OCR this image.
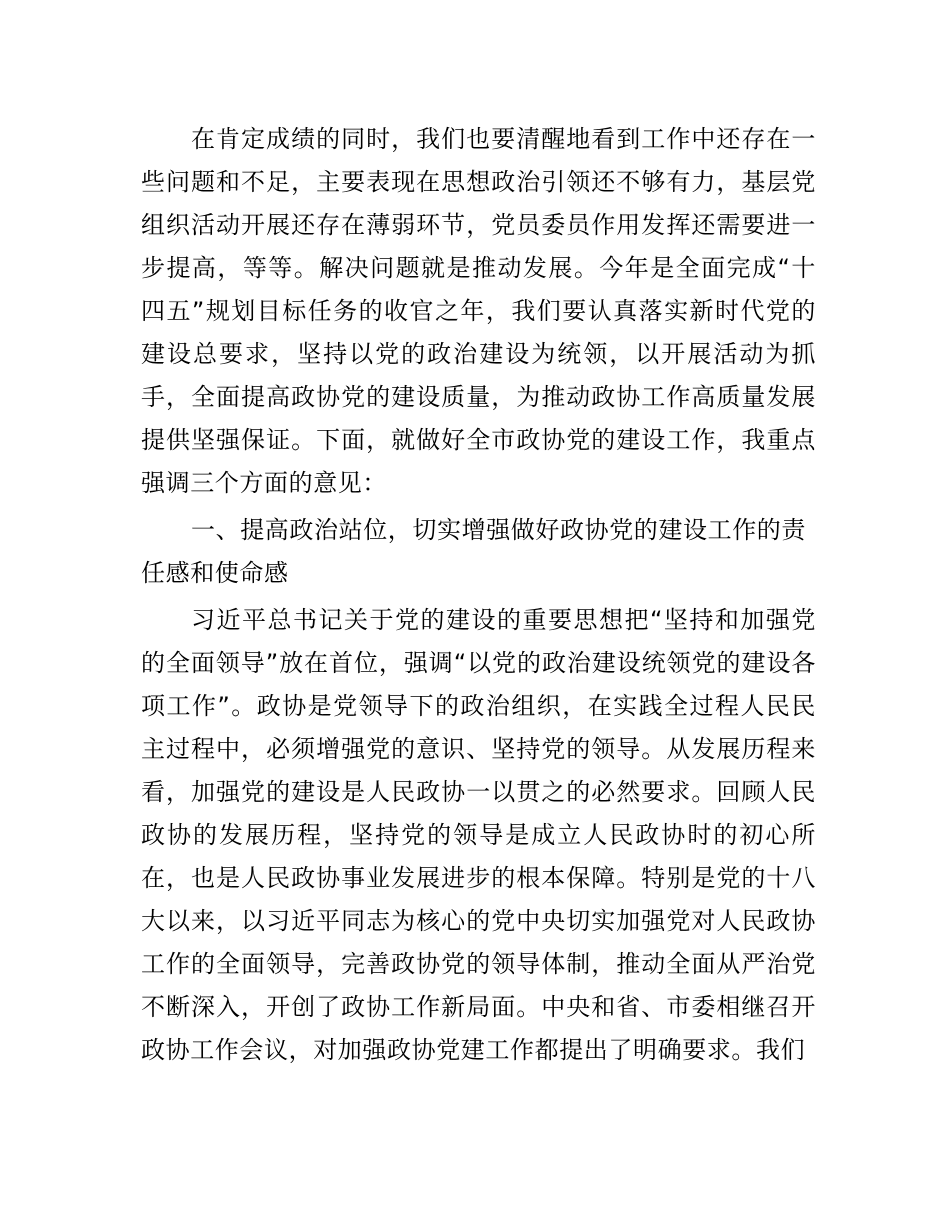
在肯定成绩的同时，我们也要清醒地看到工作中还存在一些问题和不足，主要表现在思想政治引领还不够有力，基层党组织活动开展还存在薄弱环节，党员委员作用发挥还需要进一步提高，等等。解决问题就是推动发展。今年是全面完成“十四五”规划目标任务的收官之年，我们要认真落实新时代党的建设总要求，坚持以党的政治建设为统领，以开展活动为抓手，全面提高政协党的建设质量，为推动政协工作高质量发展提供坚强保证。下面，就做好全市政协党的建设工作，我重点强调三个方面的意见：

一、提高政治站位，切实增强做好政协党的建设工作的责任感和使命感

习近平总书记关于党的建设的重要思想把“坚持和加强党的全面领导”放在首位，强调“以党的政治建设统领党的建设各项工作”。政协是党领导下的政治组织，在实践全过程人民民主过程中，必须增强党的意识、坚持党的领导。从发展历程来看，加强党的建设是人民政协一以贯之的必然要求。回顾人民政协的发展历程，坚持党的领导是成立人民政协时的初心所在，也是人民政协事业发展进步的根本保障。特别是党的十八大以来，以习近平同志为核心的党中央切实加强党对人民政协工作的全面领导，完善政协党的领导体制，推动全面从严治党不断深入，开创了政协工作新局面。中央和省、市委相继召开政协工作会议，对加强政协党建工作都提出了明确要求。我们
